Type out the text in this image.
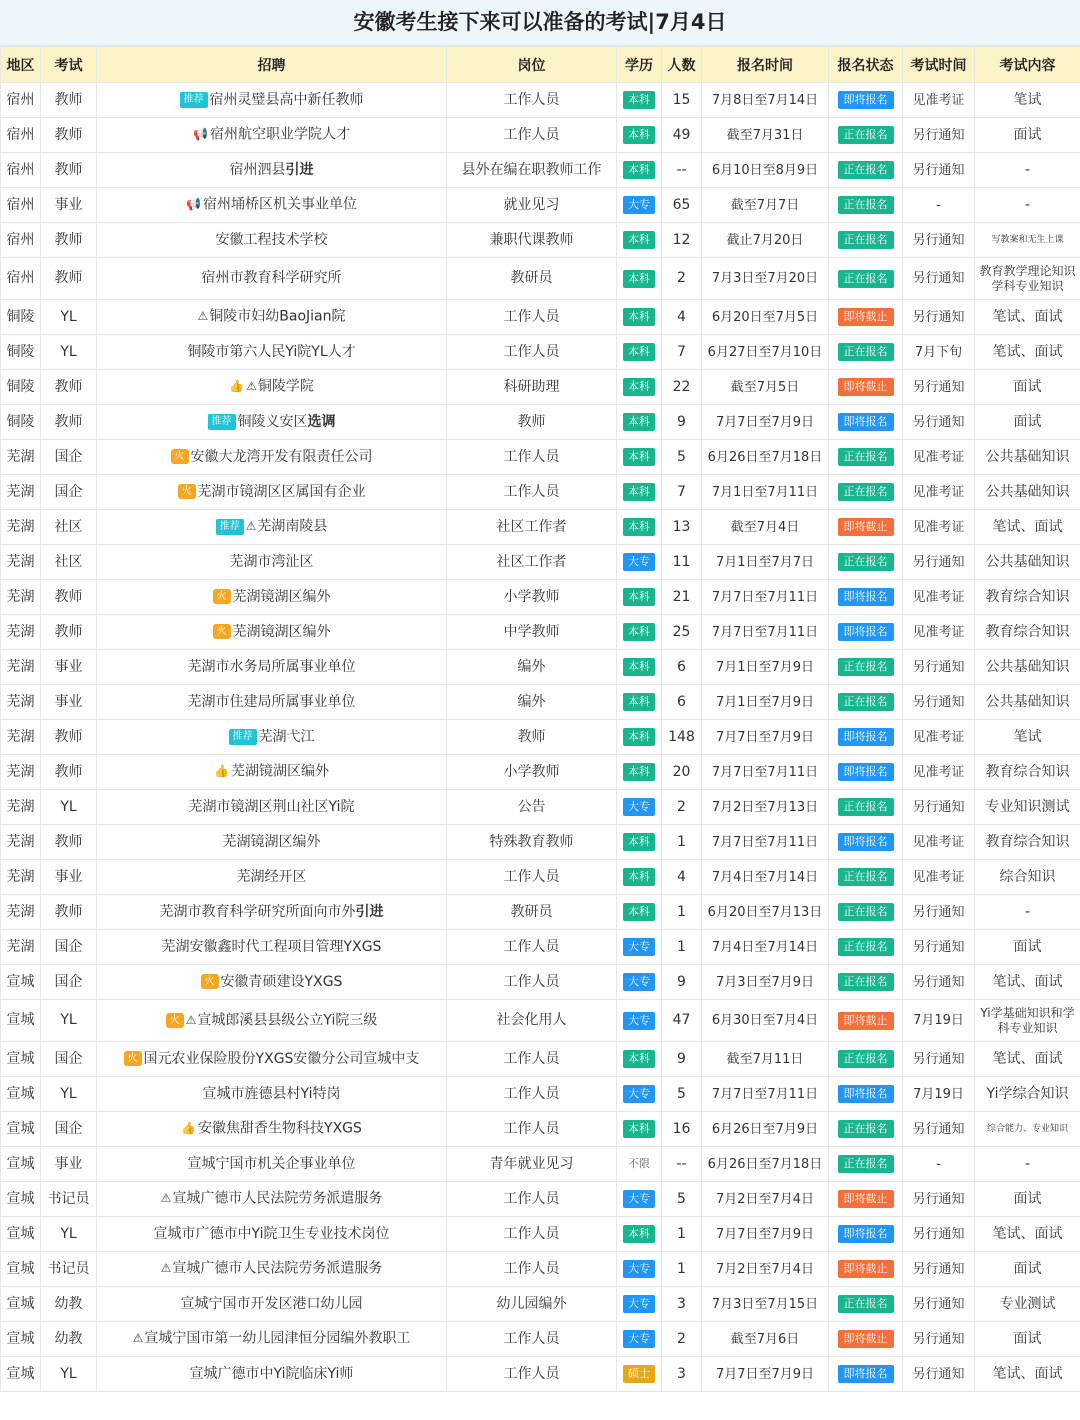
安徽考生接下来可以准备的考试|7月4日
地区	考试	招聘	岗位	学历	人数	报名时间	报名状态	考试时间	考试内容
宿州	教师	推荐 宿州灵璧县高中新任教师	工作人员	本科	15	7月8日至7月14日	即将报名	见准考证	笔试
宿州	教师	📢 宿州航空职业学院人才	工作人员	本科	49	截至7月31日	正在报名	另行通知	面试
宿州	教师	宿州泗县引进	县外在编在职教师工作	本科	--	6月10日至8月9日	正在报名	另行通知	-
宿州	事业	📢 宿州埇桥区机关事业单位	就业见习	大专	65	截至7月7日	正在报名	-	-
宿州	教师	安徽工程技术学校	兼职代课教师	本科	12	截止7月20日	正在报名	另行通知	写教案和无生上课
宿州	教师	宿州市教育科学研究所	教研员	本科	2	7月3日至7月20日	正在报名	另行通知	教育教学理论知识学科专业知识
铜陵	YL	⚠铜陵市妇幼BaoJian院	工作人员	本科	4	6月20日至7月5日	即将截止	另行通知	笔试、面试
铜陵	YL	铜陵市第六人民Yi院YL人才	工作人员	本科	7	6月27日至7月10日	正在报名	7月下旬	笔试、面试
铜陵	教师	👍 ⚠铜陵学院	科研助理	本科	22	截至7月5日	即将截止	另行通知	面试
铜陵	教师	推荐 铜陵义安区选调	教师	本科	9	7月7日至7月9日	即将报名	另行通知	面试
芜湖	国企	火 安徽大龙湾开发有限责任公司	工作人员	本科	5	6月26日至7月18日	正在报名	见准考证	公共基础知识
芜湖	国企	火 芜湖市镜湖区区属国有企业	工作人员	本科	7	7月1日至7月11日	正在报名	见准考证	公共基础知识
芜湖	社区	推荐 ⚠芜湖南陵县	社区工作者	本科	13	截至7月4日	即将截止	见准考证	笔试、面试
芜湖	社区	芜湖市湾沚区	社区工作者	大专	11	7月1日至7月7日	正在报名	另行通知	公共基础知识
芜湖	教师	火 芜湖镜湖区编外	小学教师	本科	21	7月7日至7月11日	即将报名	见准考证	教育综合知识
芜湖	教师	火 芜湖镜湖区编外	中学教师	本科	25	7月7日至7月11日	即将报名	见准考证	教育综合知识
芜湖	事业	芜湖市水务局所属事业单位	编外	本科	6	7月1日至7月9日	正在报名	另行通知	公共基础知识
芜湖	事业	芜湖市住建局所属事业单位	编外	本科	6	7月1日至7月9日	正在报名	另行通知	公共基础知识
芜湖	教师	推荐 芜湖弋江	教师	本科	148	7月7日至7月9日	即将报名	见准考证	笔试
芜湖	教师	👍 芜湖镜湖区编外	小学教师	本科	20	7月7日至7月11日	即将报名	见准考证	教育综合知识
芜湖	YL	芜湖市镜湖区荆山社区Yi院	公告	大专	2	7月2日至7月13日	正在报名	另行通知	专业知识测试
芜湖	教师	芜湖镜湖区编外	特殊教育教师	本科	1	7月7日至7月11日	即将报名	见准考证	教育综合知识
芜湖	事业	芜湖经开区	工作人员	本科	4	7月4日至7月14日	正在报名	见准考证	综合知识
芜湖	教师	芜湖市教育科学研究所面向市外引进	教研员	本科	1	6月20日至7月13日	正在报名	另行通知	-
芜湖	国企	芜湖安徽鑫时代工程项目管理YXGS	工作人员	大专	1	7月4日至7月14日	正在报名	另行通知	面试
宣城	国企	火 安徽青硕建设YXGS	工作人员	大专	9	7月3日至7月9日	正在报名	另行通知	笔试、面试
宣城	YL	火 ⚠宣城郎溪县县级公立Yi院三级	社会化用人	大专	47	6月30日至7月4日	即将截止	7月19日	Yi学基础知识和学科专业知识
宣城	国企	火 国元农业保险股份YXGS安徽分公司宣城中支	工作人员	本科	9	截至7月11日	正在报名	另行通知	笔试、面试
宣城	YL	宣城市旌德县村Yi特岗	工作人员	大专	5	7月7日至7月11日	即将报名	7月19日	Yi学综合知识
宣城	国企	👍 安徽焦甜香生物科技YXGS	工作人员	本科	16	6月26日至7月9日	正在报名	另行通知	综合能力、专业知识
宣城	事业	宣城宁国市机关企事业单位	青年就业见习	不限	--	6月26日至7月18日	正在报名	-	-
宣城	书记员	⚠宣城广德市人民法院劳务派遣服务	工作人员	大专	5	7月2日至7月4日	即将截止	另行通知	面试
宣城	YL	宣城市广德市中Yi院卫生专业技术岗位	工作人员	本科	1	7月7日至7月9日	即将报名	另行通知	笔试、面试
宣城	书记员	⚠宣城广德市人民法院劳务派遣服务	工作人员	大专	1	7月2日至7月4日	即将截止	另行通知	面试
宣城	幼教	宣城宁国市开发区港口幼儿园	幼儿园编外	大专	3	7月3日至7月15日	正在报名	另行通知	专业测试
宣城	幼教	⚠宣城宁国市第一幼儿园津恒分园编外教职工	工作人员	大专	2	截至7月6日	即将截止	另行通知	面试
宣城	YL	宣城广德市中Yi院临床Yi师	工作人员	硕士	3	7月7日至7月9日	即将报名	另行通知	笔试、面试
